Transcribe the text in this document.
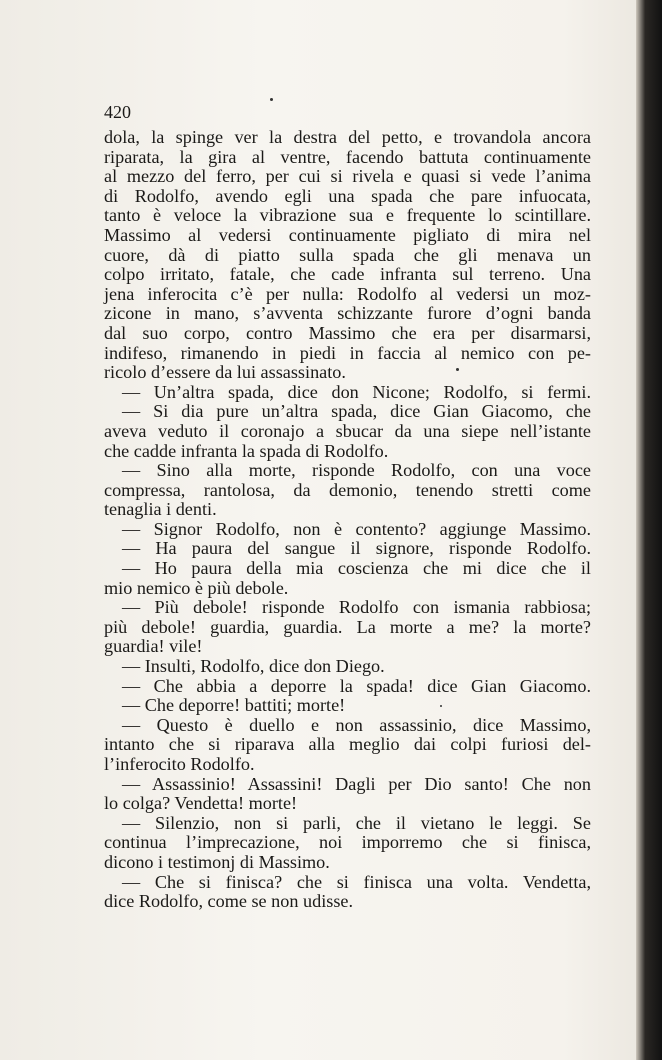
420
dola, la spinge ver la destra del petto, e trovandola ancora
riparata, la gira al ventre, facendo battuta continuamente
al mezzo del ferro, per cui si rivela e quasi si vede l’anima
di Rodolfo, avendo egli una spada che pare infuocata,
tanto è veloce la vibrazione sua e frequente lo scintillare.
Massimo al vedersi continuamente pigliato di mira nel
cuore, dà di piatto sulla spada che gli menava un
colpo irritato, fatale, che cade infranta sul terreno. Una
jena inferocita c’è per nulla: Rodolfo al vedersi un moz-
zicone in mano, s’avventa schizzante furore d’ogni banda
dal suo corpo, contro Massimo che era per disarmarsi,
indifeso, rimanendo in piedi in faccia al nemico con pe-
ricolo d’essere da lui assassinato.
— Un’altra spada, dice don Nicone; Rodolfo, si fermi.
— Si dia pure un’altra spada, dice Gian Giacomo, che
aveva veduto il coronajo a sbucar da una siepe nell’istante
che cadde infranta la spada di Rodolfo.
— Sino alla morte, risponde Rodolfo, con una voce
compressa, rantolosa, da demonio, tenendo stretti come
tenaglia i denti.
— Signor Rodolfo, non è contento? aggiunge Massimo.
— Ha paura del sangue il signore, risponde Rodolfo.
— Ho paura della mia coscienza che mi dice che il
mio nemico è più debole.
— Più debole! risponde Rodolfo con ismania rabbiosa;
più debole! guardia, guardia. La morte a me? la morte?
guardia! vile!
— Insulti, Rodolfo, dice don Diego.
— Che abbia a deporre la spada! dice Gian Giacomo.
— Che deporre! battiti; morte!
— Questo è duello e non assassinio, dice Massimo,
intanto che si riparava alla meglio dai colpi furiosi del-
l’inferocito Rodolfo.
— Assassinio! Assassini! Dagli per Dio santo! Che non
lo colga? Vendetta! morte!
— Silenzio, non si parli, che il vietano le leggi. Se
continua l’imprecazione, noi imporremo che si finisca,
dicono i testimonj di Massimo.
— Che si finisca? che si finisca una volta. Vendetta,
dice Rodolfo, come se non udisse.
